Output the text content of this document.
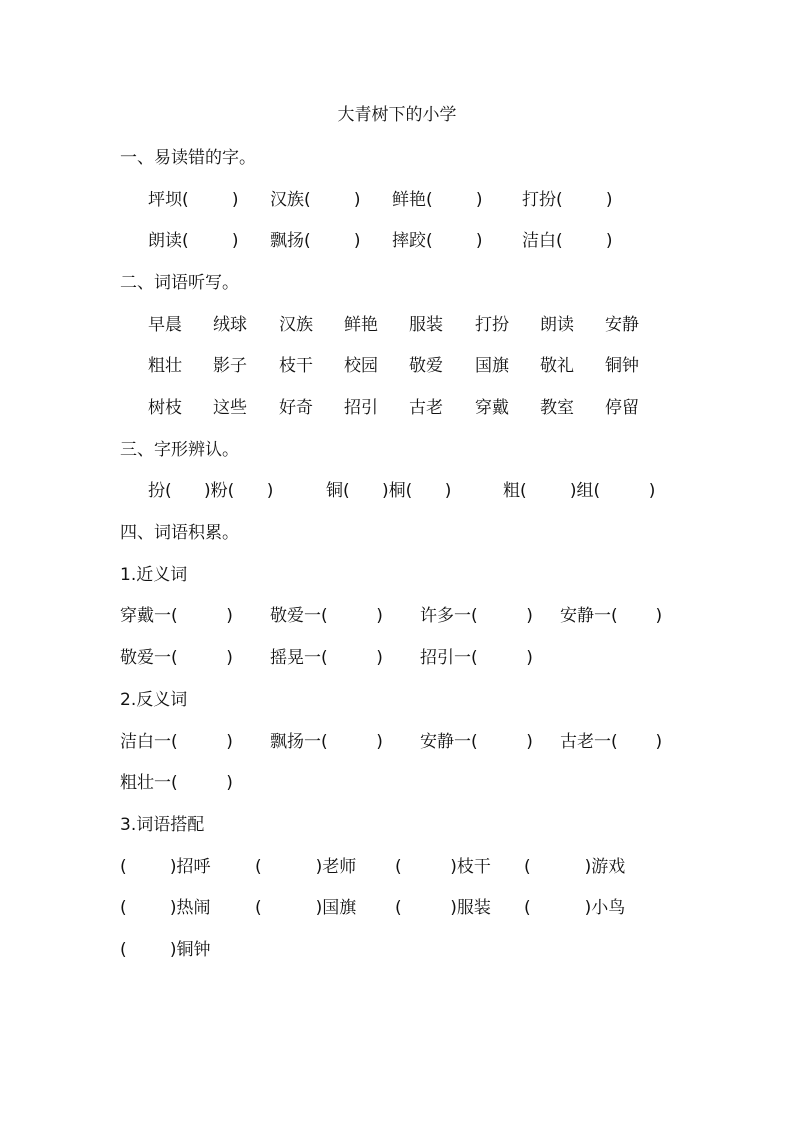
大青树下的小学
一、易读错的字。
坪坝(        ) 汉族(        ) 鲜艳(        ) 打扮(        )
朗读(        ) 飘扬(        ) 摔跤(        ) 洁白(        )
二、词语听写。
早晨 绒球 汉族 鲜艳 服装 打扮 朗读 安静
粗壮 影子 枝干 校园 敬爱 国旗 敬礼 铜钟
树枝 这些 好奇 招引 古老 穿戴 教室 停留
三、字形辨认。
扮(      )粉(      )	铜(      )桐(      )	粗(        )组(         )
四、词语积累。
1.近义词
穿戴一(         ) 敬爱一(         ) 许多一(         ) 安静一(       )
敬爱一(         ) 摇晃一(         ) 招引一(         )
2.反义词
洁白一(         ) 飘扬一(         ) 安静一(         ) 古老一(       )
粗壮一(         )
3.词语搭配
(        )招呼	(          )老师 (         )枝干 (          )游戏
(        )热闹	(          )国旗 (         )服装 (          )小鸟
(        )铜钟
